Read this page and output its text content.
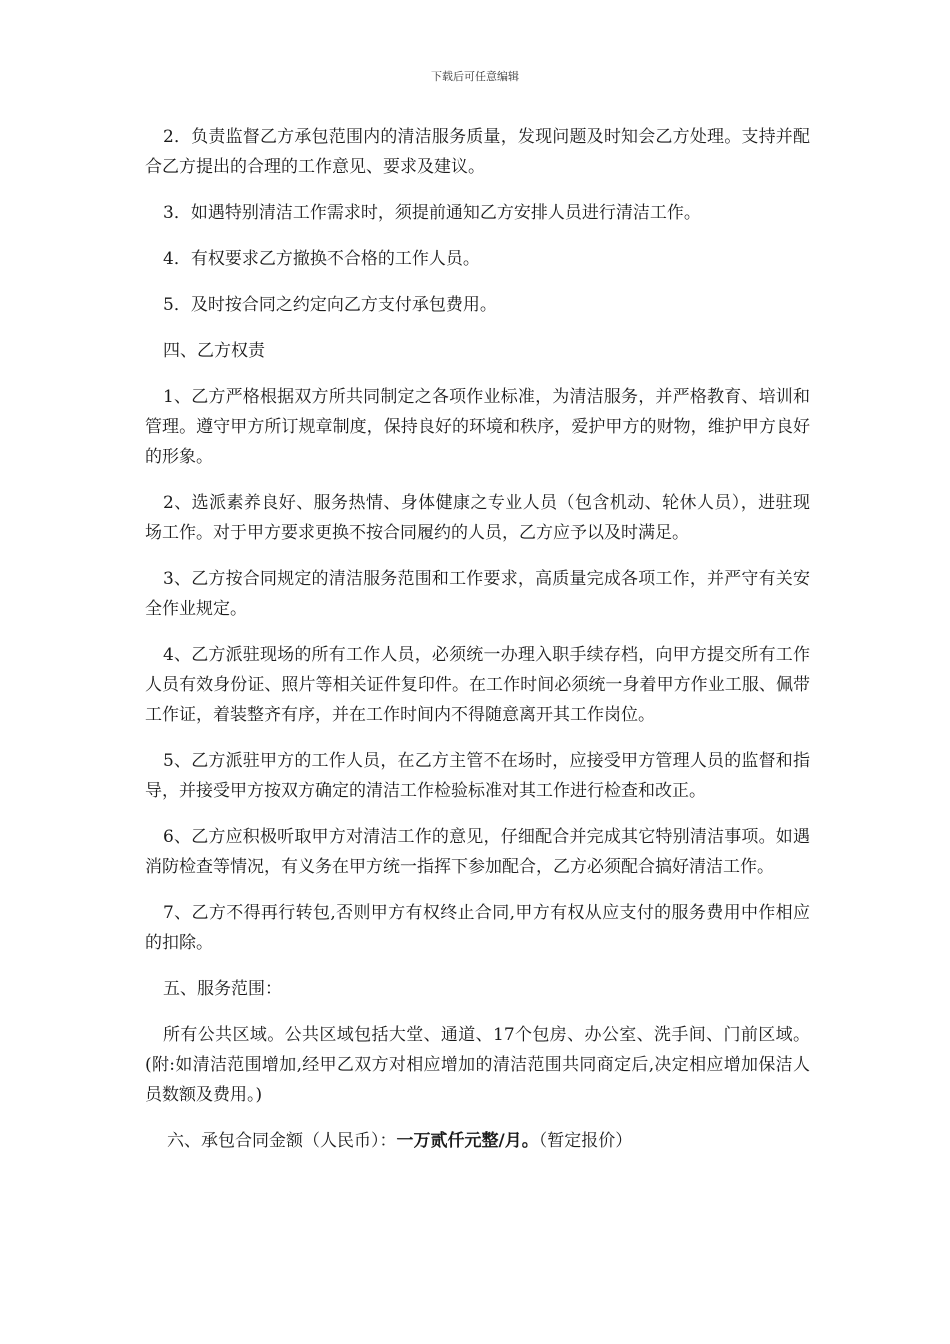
下载后可任意编辑

2．负责监督乙方承包范围内的清洁服务质量，发现问题及时知会乙方处理。支持并配合乙方提出的合理的工作意见、要求及建议。

3．如遇特别清洁工作需求时，须提前通知乙方安排人员进行清洁工作。

4．有权要求乙方撤换不合格的工作人员。

5．及时按合同之约定向乙方支付承包费用。

四、乙方权责

1、乙方严格根据双方所共同制定之各项作业标准，为清洁服务，并严格教育、培训和管理。遵守甲方所订规章制度，保持良好的环境和秩序，爱护甲方的财物，维护甲方良好的形象。

2、选派素养良好、服务热情、身体健康之专业人员（包含机动、轮休人员），进驻现场工作。对于甲方要求更换不按合同履约的人员，乙方应予以及时满足。

3、乙方按合同规定的清洁服务范围和工作要求，高质量完成各项工作，并严守有关安全作业规定。

4、乙方派驻现场的所有工作人员，必须统一办理入职手续存档，向甲方提交所有工作人员有效身份证、照片等相关证件复印件。在工作时间必须统一身着甲方作业工服、佩带工作证，着装整齐有序，并在工作时间内不得随意离开其工作岗位。

5、乙方派驻甲方的工作人员，在乙方主管不在场时，应接受甲方管理人员的监督和指导，并接受甲方按双方确定的清洁工作检验标准对其工作进行检查和改正。

6、乙方应积极听取甲方对清洁工作的意见，仔细配合并完成其它特别清洁事项。如遇消防检查等情况，有义务在甲方统一指挥下参加配合，乙方必须配合搞好清洁工作。

7、乙方不得再行转包,否则甲方有权终止合同,甲方有权从应支付的服务费用中作相应的扣除。

五、服务范围：

所有公共区域。公共区域包括大堂、通道、17个包房、办公室、洗手间、门前区域。 (附:如清洁范围增加,经甲乙双方对相应增加的清洁范围共同商定后,决定相应增加保洁人员数额及费用。)

六、承包合同金额（人民币）：一万贰仟元整/月。（暂定报价）
